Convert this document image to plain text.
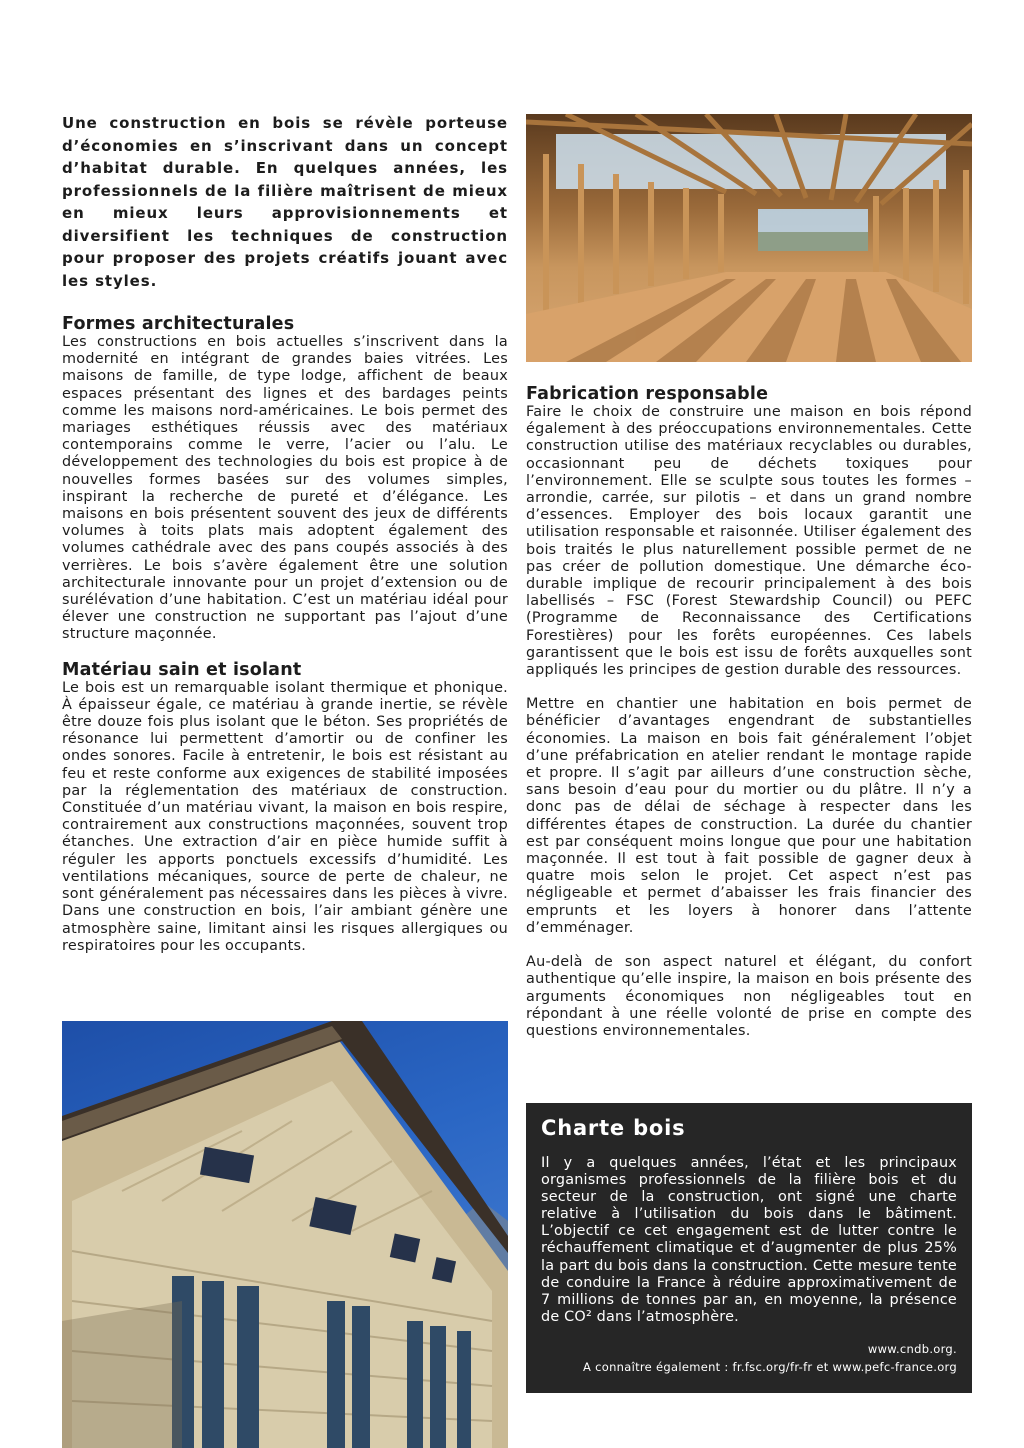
Une construction en bois se révèle porteuse d’économies en s’inscrivant dans un concept d’habitat durable. En quelques années, les professionnels de la filière maîtrisent de mieux en mieux leurs approvisionnements et diversifient les techniques de construction pour proposer des projets créatifs jouant avec les styles.

Formes architecturales

Les constructions en bois actuelles s’inscrivent dans la modernité en intégrant de grandes baies vitrées. Les maisons de famille, de type lodge, affichent de beaux espaces présentant des lignes et des bardages peints comme les maisons nord-américaines. Le bois permet des mariages esthétiques réussis avec des matériaux contemporains comme le verre, l’acier ou l’alu. Le développement des technologies du bois est propice à de nouvelles formes basées sur des volumes simples, inspirant la recherche de pureté et d’élégance. Les maisons en bois présentent souvent des jeux de différents volumes à toits plats mais adoptent également des volumes cathédrale avec des pans coupés associés à des verrières. Le bois s’avère également être une solution architecturale innovante pour un projet d’extension ou de surélévation d’une habitation. C’est un matériau idéal pour élever une construction ne supportant pas l’ajout d’une structure maçonnée.

Matériau sain et isolant

Le bois est un remarquable isolant thermique et phonique. À épaisseur égale, ce matériau à grande inertie, se révèle être douze fois plus isolant que le béton. Ses propriétés de résonance lui permettent d’amortir ou de confiner les ondes sonores. Facile à entretenir, le bois est résistant au feu et reste conforme aux exigences de stabilité imposées par la réglementation des matériaux de construction. Constituée d’un matériau vivant, la maison en bois respire, contrairement aux constructions maçonnées, souvent trop étanches. Une extraction d’air en pièce humide suffit à réguler les apports ponctuels excessifs d’humidité. Les ventilations mécaniques, source de perte de chaleur, ne sont généralement pas nécessaires dans les pièces à vivre. Dans une construction en bois, l’air ambiant génère une atmosphère saine, limitant ainsi les risques allergiques ou respiratoires pour les occupants.

Fabrication responsable

Faire le choix de construire une maison en bois répond également à des préoccupations environnementales. Cette construction utilise des matériaux recyclables ou durables, occasionnant peu de déchets toxiques pour l’environnement. Elle se sculpte sous toutes les formes – arrondie, carrée, sur pilotis – et dans un grand nombre d’essences. Employer des bois locaux garantit une utilisation responsable et raisonnée. Utiliser également des bois traités le plus naturellement possible permet de ne pas créer de pollution domestique. Une démarche éco-durable implique de recourir principalement à des bois labellisés – FSC (Forest Stewardship Council) ou PEFC (Programme de Reconnaissance des Certifications Forestières) pour les forêts européennes. Ces labels garantissent que le bois est issu de forêts auxquelles sont appliqués les principes de gestion durable des ressources.

Mettre en chantier une habitation en bois permet de bénéficier d’avantages engendrant de substantielles économies. La maison en bois fait généralement l’objet d’une préfabrication en atelier rendant le montage rapide et propre. Il s’agit par ailleurs d’une construction sèche, sans besoin d’eau pour du mortier ou du plâtre. Il n’y a donc pas de délai de séchage à respecter dans les différentes étapes de construction. La durée du chantier est par conséquent moins longue que pour une habitation maçonnée. Il est tout à fait possible de gagner deux à quatre mois selon le projet. Cet aspect n’est pas négligeable et permet d’abaisser les frais financier des emprunts et les loyers à honorer dans l’attente d’emménager.

Au-delà de son aspect naturel et élégant, du confort authentique qu’elle inspire, la maison en bois présente des arguments économiques non négligeables tout en répondant à une réelle volonté de prise en compte des questions environnementales.

Charte bois

Il y a quelques années, l’état et les principaux organismes professionnels de la filière bois et du secteur de la construction, ont signé une charte relative à l’utilisation du bois dans le bâtiment. L’objectif ce cet engagement est de lutter contre le réchauffement climatique et d’augmenter de plus 25% la part du bois dans la construction. Cette mesure tente de conduire la France à réduire approximativement de 7 millions de tonnes par an, en moyenne, la présence de CO² dans l’atmosphère.

www.cndb.org.

A connaître également : fr.fsc.org/fr-fr et www.pefc-france.org
